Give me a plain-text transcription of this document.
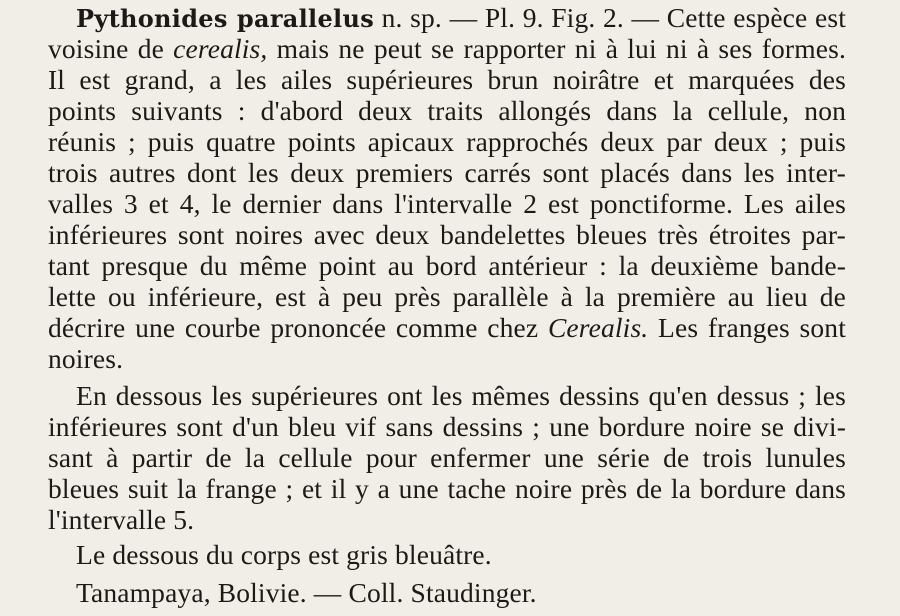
Pythonides parallelus n. sp. — Pl. 9. Fig. 2. — Cette espèce est
voisine de cerealis, mais ne peut se rapporter ni à lui ni à ses formes.
Il est grand, a les ailes supérieures brun noirâtre et marquées des
points suivants : d'abord deux traits allongés dans la cellule, non
réunis ; puis quatre points apicaux rapprochés deux par deux ; puis
trois autres dont les deux premiers carrés sont placés dans les inter-
valles 3 et 4, le dernier dans l'intervalle 2 est ponctiforme. Les ailes
inférieures sont noires avec deux bandelettes bleues très étroites par-
tant presque du même point au bord antérieur : la deuxième bande-
lette ou inférieure, est à peu près parallèle à la première au lieu de
décrire une courbe prononcée comme chez Cerealis. Les franges sont
noires.
En dessous les supérieures ont les mêmes dessins qu'en dessus ; les
inférieures sont d'un bleu vif sans dessins ; une bordure noire se divi-
sant à partir de la cellule pour enfermer une série de trois lunules
bleues suit la frange ; et il y a une tache noire près de la bordure dans
l'intervalle 5.
Le dessous du corps est gris bleuâtre.
Tanampaya, Bolivie. — Coll. Staudinger.
